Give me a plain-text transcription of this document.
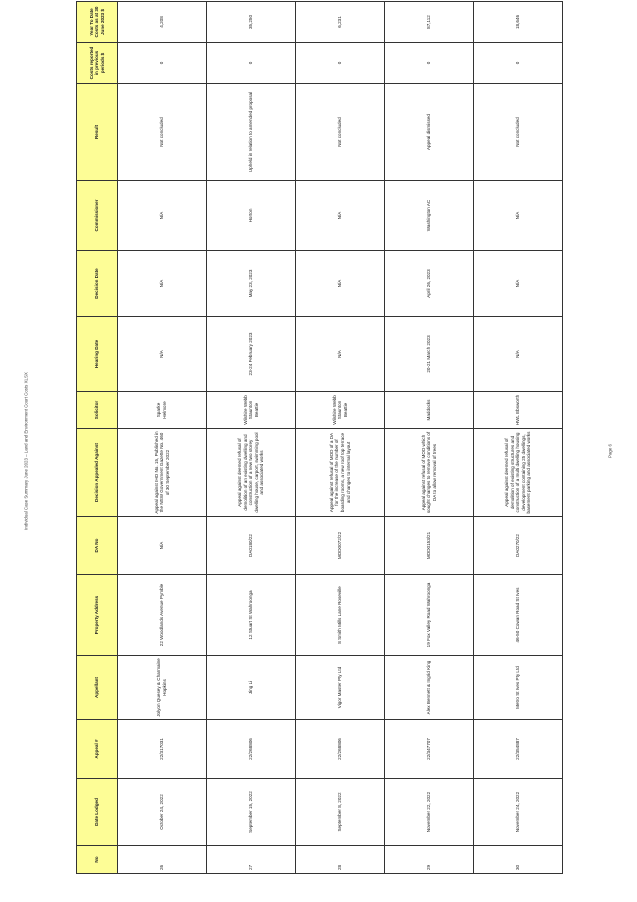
Individual Case Summary June 2023 – Land and Environment Court Costs XLSX	Page 6
No	Date Lodged	Appeal #	Appellant	Property Address	DA No	Decision Appealed Against	Solicitor	Hearing Date	Decision Date	Commissioner	Result	Costs reported in previous periods $	Year To Date Costs as at 30 June 2023 $
26	October 24, 2022	22/317031	Jolyon Quesey & Charmaine Hopkins	22 Woodlands Avenue Pymble	N/A	Appeal against IHO No. 15, Published in the NSW Government Gazette No. 460 of 30 September 2022	Sparke Helmore	N/A	N/A	N/A	Not concluded	0	4,208
27	September 15, 2022	22/268806	Jing Li	12 Stuart St Wahroonga	DA0180/22	Appeal against deemed refusal of demolition of an existing dwelling and construction of a new two storey dwelling house, carport, swimming pool and associated works	Wilshire Webb Staunton Beattie	23-24 February 2023	May 23, 2023	Horton	Upheld in relation to amended proposal	0	35,250
28	September 8, 2022	22/268806	Vigor Master Pty Ltd	8 Smith Mills Lane Roseville	MOD0072/22	Appeal against refusal of MOD of a DA for the increase of the number of boarding rooms, a new roof top terrace and changes to internal layout	Wilshire Webb Staunton Beattie	N/A	N/A	N/A	Not concluded	0	6,231
29	November 22, 2022	22/347707	Alex Bennett & Ingrid King	19 Fox Valley Road Wahroonga	MOD0153/21	Appeal against refusal of MOD which sought changes to remove conditions of DA to allow removal of trees	Maddocks	20-21 March 2023	April 26, 2023	Washington AC	Appeal dismissed	0	87,112
30	November 24, 2022	22/354887	Metro St Ives Pty Ltd	46-50 Cowan Road St Ives	DA0270/22	Appeal against deemed refusal of demolition of existing structures and construction of a multi dwelling housing development containing 25 dwellings, basement parking and associated works	HWL Ebsworth	N/A	N/A	N/A	Not concluded	0	18,646
